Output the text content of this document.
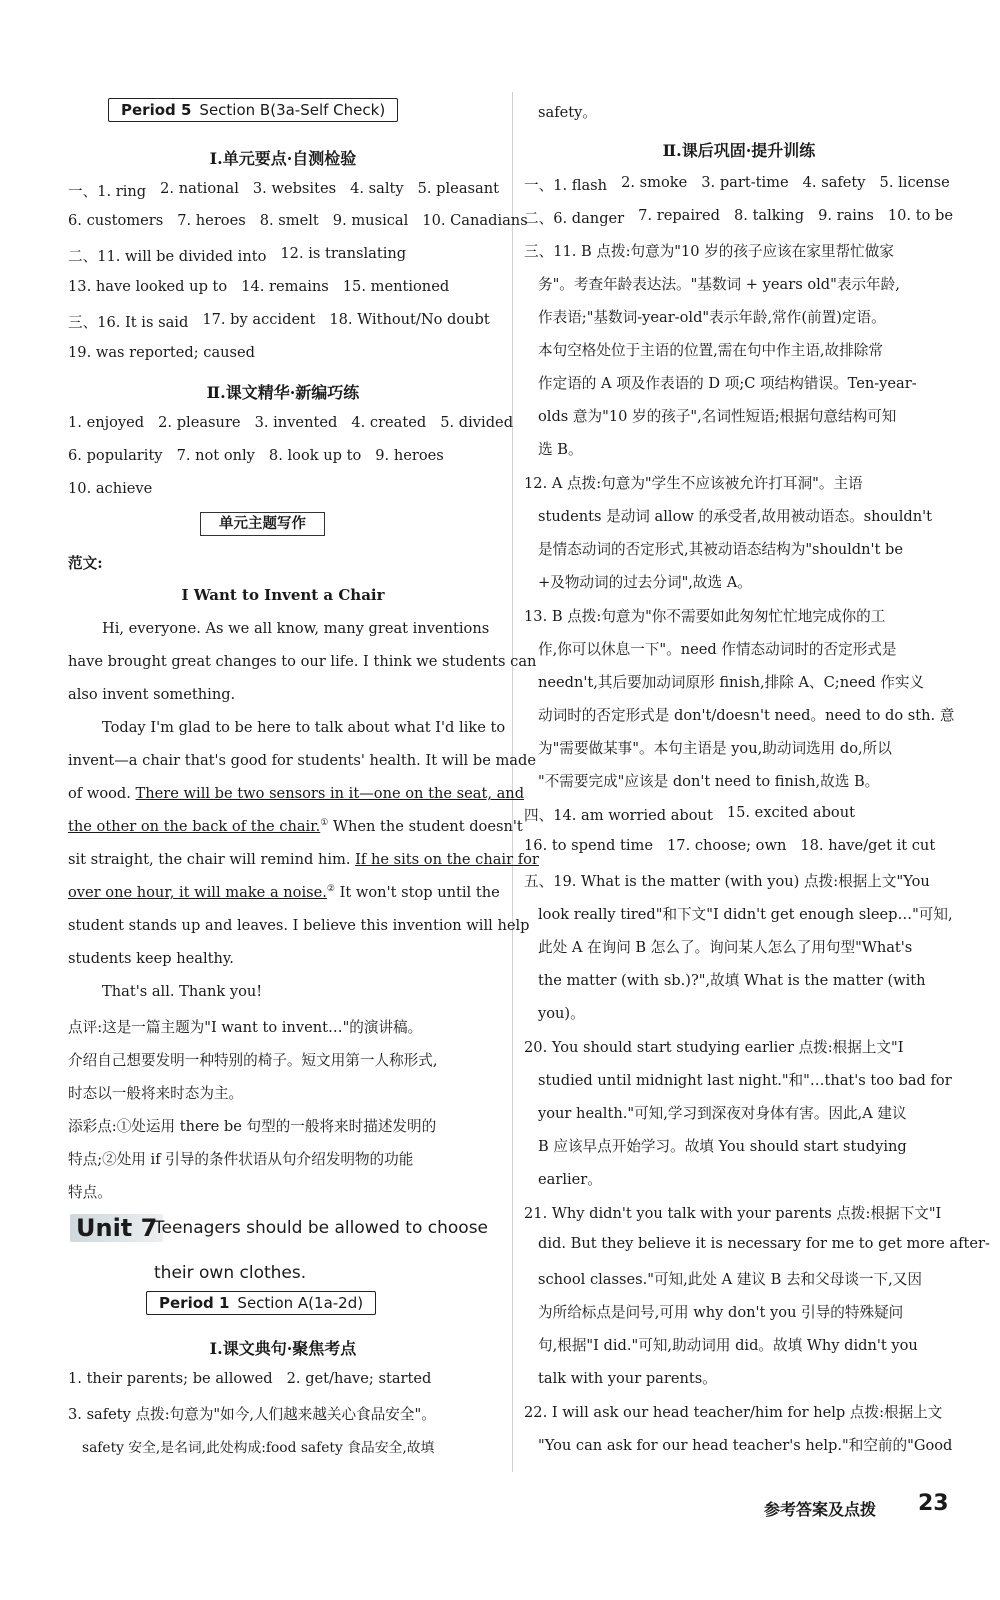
Period 5 Section B(3a-Self Check)
Ⅰ.单元要点·自测检验
一、1. ring 2. national 3. websites 4. salty 5. pleasant
6. customers 7. heroes 8. smelt 9. musical 10. Canadians
二、11. will be divided into 12. is translating
13. have looked up to 14. remains 15. mentioned
三、16. It is said 17. by accident 18. Without/No doubt
19. was reported; caused
Ⅱ.课文精华·新编巧练
1. enjoyed 2. pleasure 3. invented 4. created 5. divided
6. popularity 7. not only 8. look up to 9. heroes
10. achieve
单元主题写作
范文:
I Want to Invent a Chair
Hi, everyone. As we all know, many great inventions
have brought great changes to our life. I think we students can
also invent something.
Today I'm glad to be here to talk about what I'd like to
invent—a chair that's good for students' health. It will be made
of wood. There will be two sensors in it—one on the seat, and
the other on the back of the chair.① When the student doesn't
sit straight, the chair will remind him. If he sits on the chair for
over one hour, it will make a noise.② It won't stop until the
student stands up and leaves. I believe this invention will help
students keep healthy.
That's all. Thank you!
点评:这是一篇主题为"I want to invent…"的演讲稿。
介绍自己想要发明一种特别的椅子。短文用第一人称形式,
时态以一般将来时态为主。
添彩点:①处运用 there be 句型的一般将来时描述发明的
特点;②处用 if 引导的条件状语从句介绍发明物的功能
特点。
Unit 7
Teenagers should be allowed to choose
their own clothes.
Period 1 Section A(1a-2d)
Ⅰ.课文典句·聚焦考点
1. their parents; be allowed 2. get/have; started
3. safety 点拨:句意为"如今,人们越来越关心食品安全"。
safety 安全,是名词,此处构成:food safety 食品安全,故填
safety。
Ⅱ.课后巩固·提升训练
一、1. flash 2. smoke 3. part-time 4. safety 5. license
二、6. danger 7. repaired 8. talking 9. rains 10. to be
三、11. B 点拨:句意为"10 岁的孩子应该在家里帮忙做家
务"。考查年龄表达法。"基数词 + years old"表示年龄,
作表语;"基数词-year-old"表示年龄,常作(前置)定语。
本句空格处位于主语的位置,需在句中作主语,故排除常
作定语的 A 项及作表语的 D 项;C 项结构错误。Ten-year-
olds 意为"10 岁的孩子",名词性短语;根据句意结构可知
选 B。
12. A 点拨:句意为"学生不应该被允许打耳洞"。主语
students 是动词 allow 的承受者,故用被动语态。shouldn't
是情态动词的否定形式,其被动语态结构为"shouldn't be
+及物动词的过去分词",故选 A。
13. B 点拨:句意为"你不需要如此匆匆忙忙地完成你的工
作,你可以休息一下"。need 作情态动词时的否定形式是
needn't,其后要加动词原形 finish,排除 A、C;need 作实义
动词时的否定形式是 don't/doesn't need。need to do sth. 意
为"需要做某事"。本句主语是 you,助动词选用 do,所以
"不需要完成"应该是 don't need to finish,故选 B。
四、14. am worried about 15. excited about
16. to spend time 17. choose; own 18. have/get it cut
五、19. What is the matter (with you) 点拨:根据上文"You
look really tired"和下文"I didn't get enough sleep…"可知,
此处 A 在询问 B 怎么了。询问某人怎么了用句型"What's
the matter (with sb.)?",故填 What is the matter (with
you)。
20. You should start studying earlier 点拨:根据上文"I
studied until midnight last night."和"…that's too bad for
your health."可知,学习到深夜对身体有害。因此,A 建议
B 应该早点开始学习。故填 You should start studying
earlier。
21. Why didn't you talk with your parents 点拨:根据下文"I
did. But they believe it is necessary for me to get more after-
school classes."可知,此处 A 建议 B 去和父母谈一下,又因
为所给标点是问号,可用 why don't you 引导的特殊疑问
句,根据"I did."可知,助动词用 did。故填 Why didn't you
talk with your parents。
22. I will ask our head teacher/him for help 点拨:根据上文
"You can ask for our head teacher's help."和空前的"Good
参考答案及点拨 23
